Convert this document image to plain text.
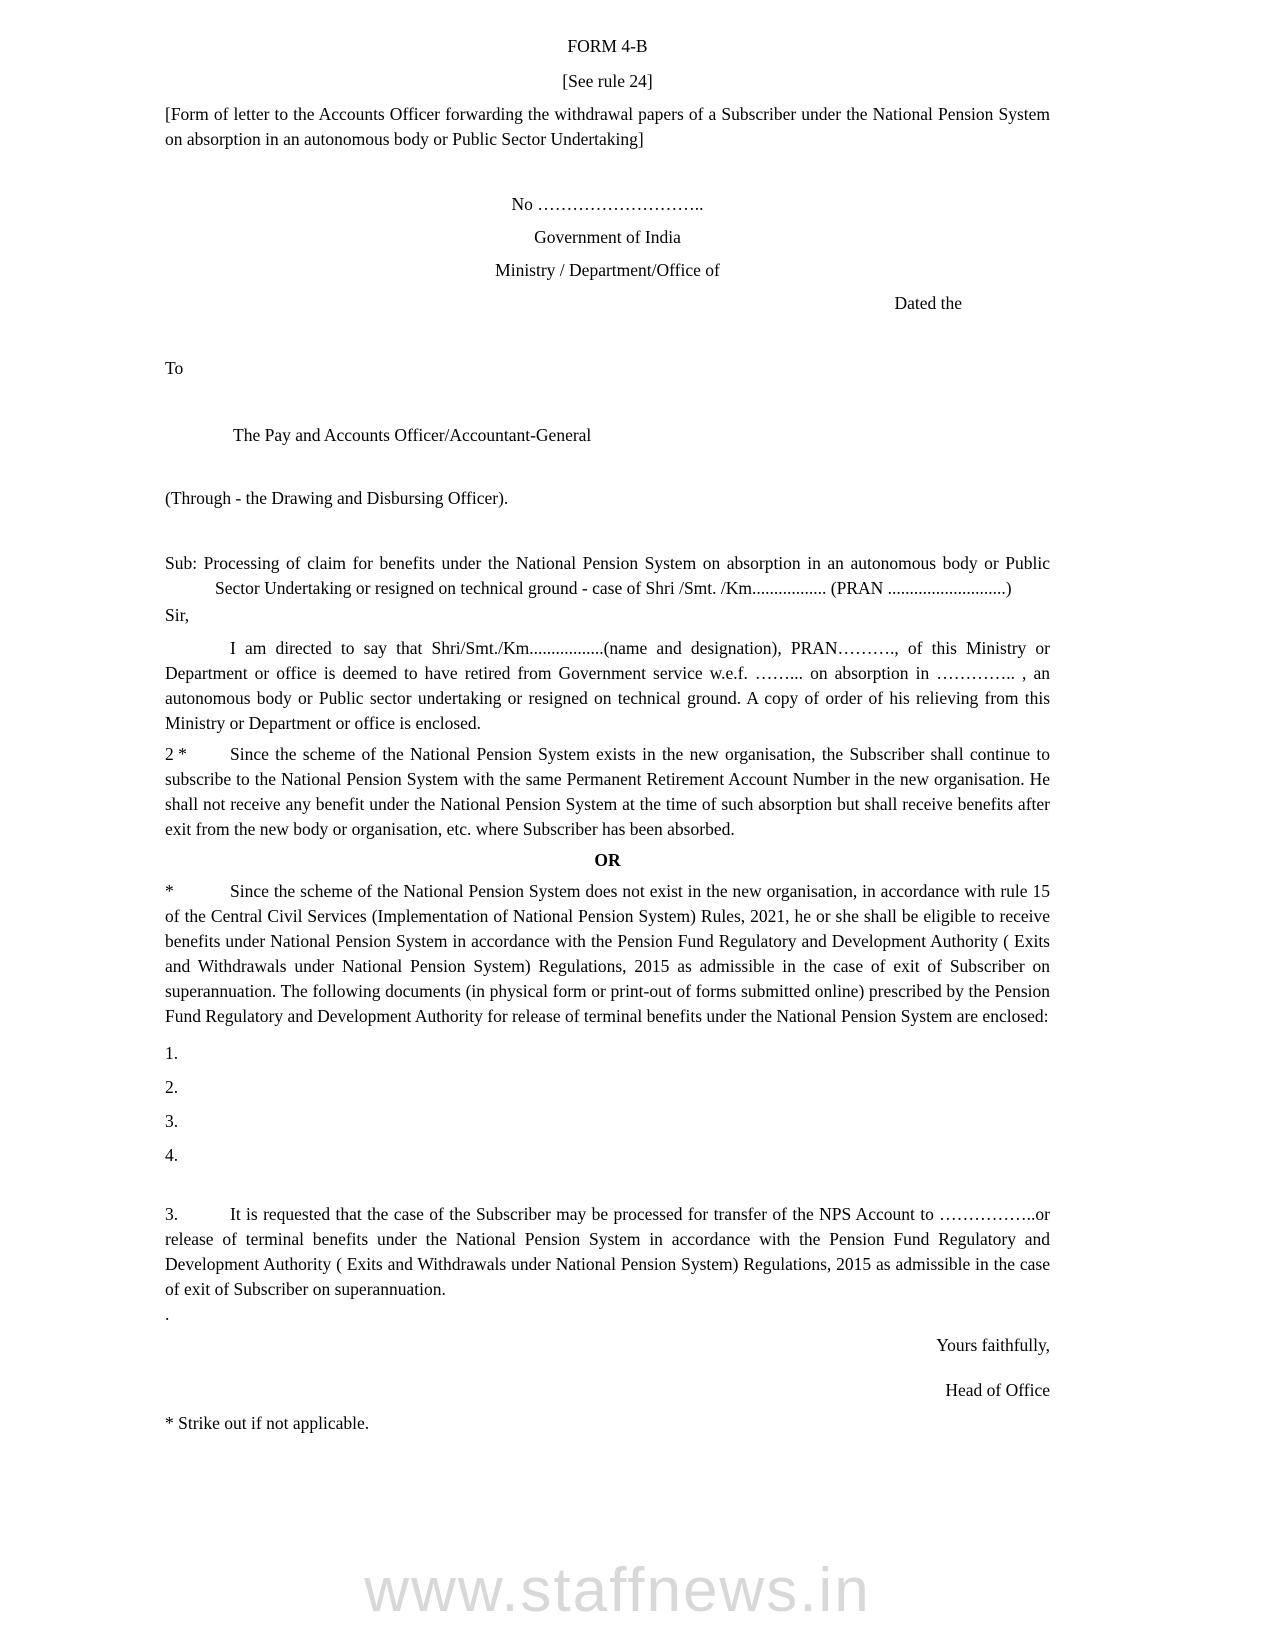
FORM 4-B
[See rule 24]
[Form of letter to the Accounts Officer forwarding the withdrawal papers of a Subscriber under the National Pension System on absorption in an autonomous body or Public Sector Undertaking]
No ………………………..
Government of India
Ministry / Department/Office of
Dated the
To
The Pay and Accounts Officer/Accountant-General
(Through - the Drawing and Disbursing Officer).
Sub: Processing of claim for benefits under the National Pension System on absorption in an autonomous body or Public Sector Undertaking or resigned on technical ground - case of Shri /Smt. /Km................. (PRAN ...........................)
Sir,

I am directed to say that Shri/Smt./Km.................(name and designation), PRAN………., of this Ministry or Department or office is deemed to have retired from Government service w.e.f. ……... on absorption in ………….. , an autonomous body or Public sector undertaking or resigned on technical ground. A copy of order of his relieving from this Ministry or Department or office is enclosed.

2 * Since the scheme of the National Pension System exists in the new organisation, the Subscriber shall continue to subscribe to the National Pension System with the same Permanent Retirement Account Number in the new organisation. He shall not receive any benefit under the National Pension System at the time of such absorption but shall receive benefits after exit from the new body or organisation, etc. where Subscriber has been absorbed.

OR

*	Since the scheme of the National Pension System does not exist in the new organisation, in accordance with rule 15 of the Central Civil Services (Implementation of National Pension System) Rules, 2021, he or she shall be eligible to receive benefits under National Pension System in accordance with the Pension Fund Regulatory and Development Authority ( Exits and Withdrawals under National Pension System) Regulations, 2015 as admissible in the case of exit of Subscriber on superannuation. The following documents (in physical form or print-out of forms submitted online) prescribed by the Pension Fund Regulatory and Development Authority for release of terminal benefits under the National Pension System are enclosed:

1.
2.
3.
4.

3.	It is requested that the case of the Subscriber may be processed for transfer of the NPS Account to ……………..or release of terminal benefits under the National Pension System in accordance with the Pension Fund Regulatory and Development Authority ( Exits and Withdrawals under National Pension System) Regulations, 2015 as admissible in the case of exit of Subscriber on superannuation.

.
Yours faithfully,
Head of Office
* Strike out if not applicable.
www.staffnews.in
